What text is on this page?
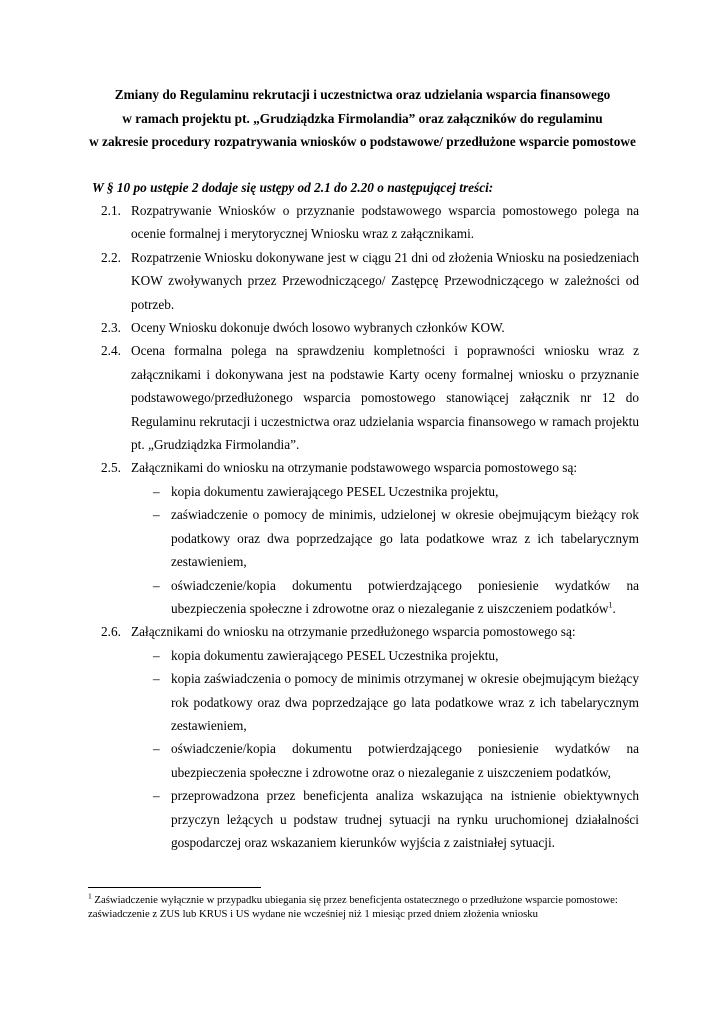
Zmiany do Regulaminu rekrutacji i uczestnictwa oraz udzielania wsparcia finansowego
w ramach projektu pt. „Grudziądzka Firmolandia” oraz załączników do regulaminu
w zakresie procedury rozpatrywania wniosków o podstawowe/ przedłużone wsparcie pomostowe
W § 10 po ustępie 2 dodaje się ustępy od 2.1 do 2.20 o następującej treści:
2.1. Rozpatrywanie Wniosków o przyznanie podstawowego wsparcia pomostowego polega na ocenie formalnej i merytorycznej Wniosku wraz z załącznikami.
2.2. Rozpatrzenie Wniosku dokonywane jest w ciągu 21 dni od złożenia Wniosku na posiedzeniach KOW zwoływanych przez Przewodniczącego/ Zastępcę Przewodniczącego w zależności od potrzeb.
2.3. Oceny Wniosku dokonuje dwóch losowo wybranych członków KOW.
2.4. Ocena formalna polega na sprawdzeniu kompletności i poprawności wniosku wraz z załącznikami i dokonywana jest na podstawie Karty oceny formalnej wniosku o przyznanie podstawowego/przedłużonego wsparcia pomostowego stanowiącej załącznik nr 12 do Regulaminu rekrutacji i uczestnictwa oraz udzielania wsparcia finansowego w ramach projektu pt. „Grudziądzka Firmolandia”.
2.5. Załącznikami do wniosku na otrzymanie podstawowego wsparcia pomostowego są:
– kopia dokumentu zawierającego PESEL Uczestnika projektu,
– zaświadczenie o pomocy de minimis, udzielonej w okresie obejmującym bieżący rok podatkowy oraz dwa poprzedzające go lata podatkowe wraz z ich tabelarycznym zestawieniem,
– oświadczenie/kopia dokumentu potwierdzającego poniesienie wydatków na ubezpieczenia społeczne i zdrowotne oraz o niezaleganie z uiszczeniem podatków$^1$.
2.6. Załącznikami do wniosku na otrzymanie przedłużonego wsparcia pomostowego są:
– kopia dokumentu zawierającego PESEL Uczestnika projektu,
– kopia zaświadczenia o pomocy de minimis otrzymanej w okresie obejmującym bieżący rok podatkowy oraz dwa poprzedzające go lata podatkowe wraz z ich tabelarycznym zestawieniem,
– oświadczenie/kopia dokumentu potwierdzającego poniesienie wydatków na ubezpieczenia społeczne i zdrowotne oraz o niezaleganie z uiszczeniem podatków,
– przeprowadzona przez beneficjenta analiza wskazująca na istnienie obiektywnych przyczyn leżących u podstaw trudnej sytuacji na rynku uruchomionej działalności gospodarczej oraz wskazaniem kierunków wyjścia z zaistniałej sytuacji.
$^1$ Zaświadczenie wyłącznie w przypadku ubiegania się przez beneficjenta ostatecznego o przedłużone wsparcie pomostowe: zaświadczenie z ZUS lub KRUS i US wydane nie wcześniej niż 1 miesiąc przed dniem złożenia wniosku
